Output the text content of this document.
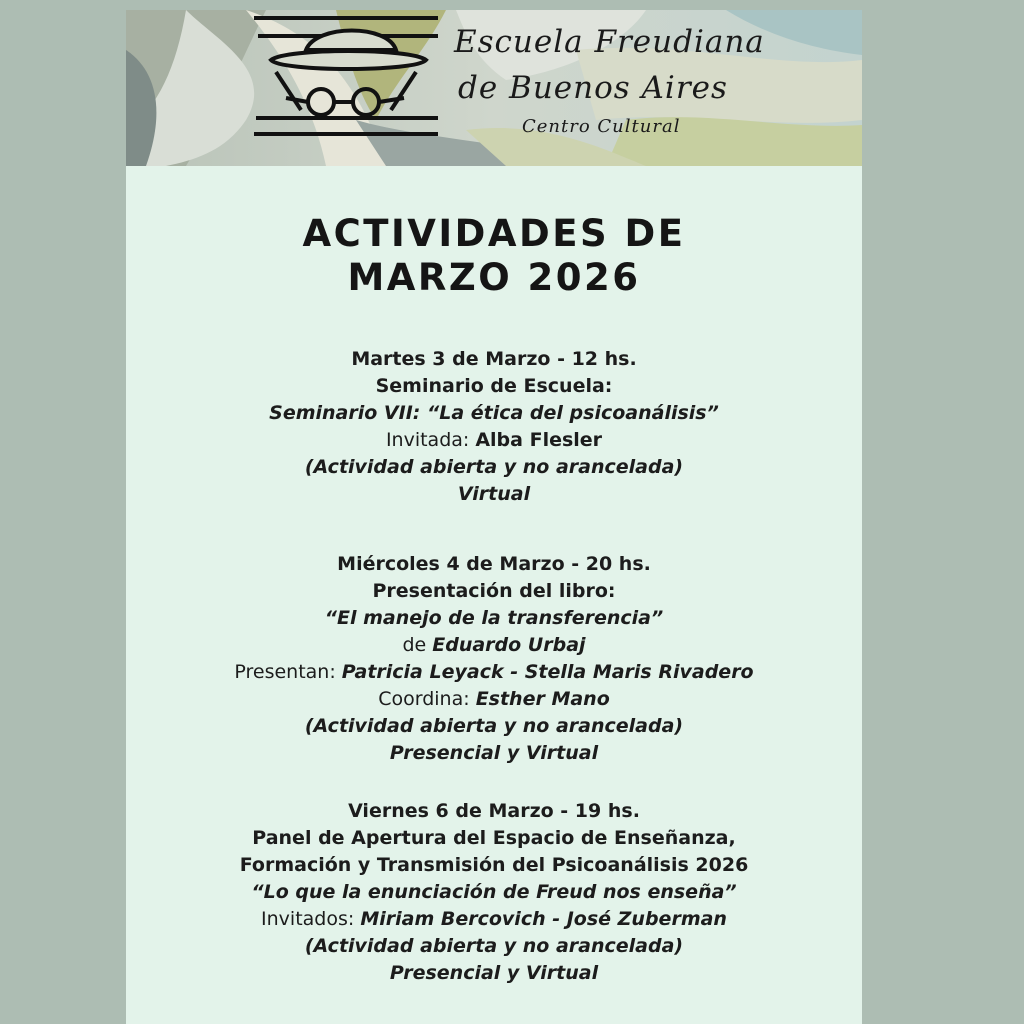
Escuela Freudiana

de Buenos Aires

Centro Cultural

ACTIVIDADES DE
MARZO 2026
Martes 3 de Marzo - 12 hs.
Seminario de Escuela:
Seminario VII: “La ética del psicoanálisis”
Invitada: Alba Flesler
(Actividad abierta y no arancelada)
Virtual
Miércoles 4 de Marzo - 20 hs.
Presentación del libro:
“El manejo de la transferencia”
de Eduardo Urbaj
Presentan: Patricia Leyack - Stella Maris Rivadero
Coordina: Esther Mano
(Actividad abierta y no arancelada)
Presencial y Virtual
Viernes 6 de Marzo - 19 hs.
Panel de Apertura del Espacio de Enseñanza,
Formación y Transmisión del Psicoanálisis 2026
“Lo que la enunciación de Freud nos enseña”
Invitados: Miriam Bercovich - José Zuberman
(Actividad abierta y no arancelada)
Presencial y Virtual
